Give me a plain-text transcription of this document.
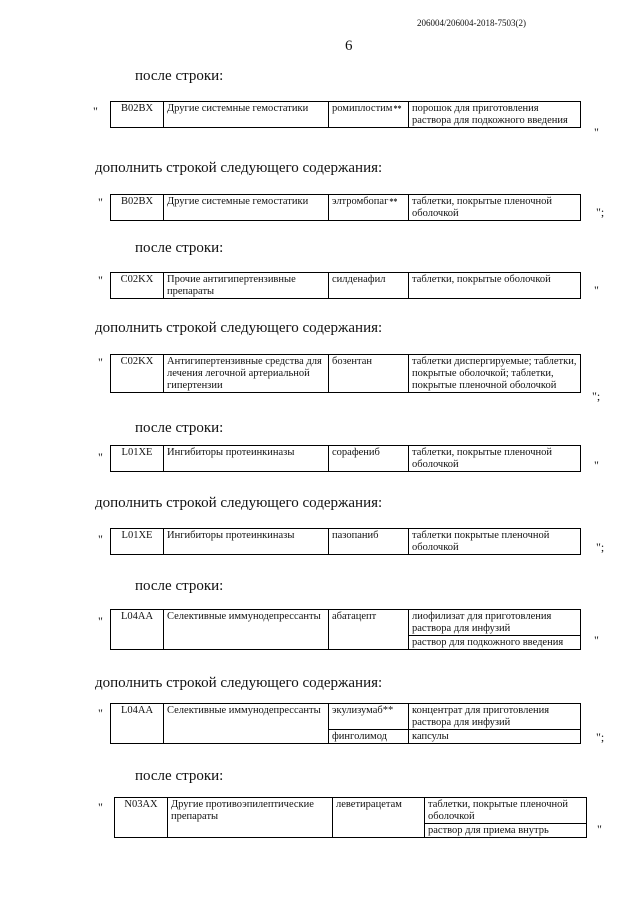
206004/206004-2018-7503(2)
6
после строки:
" B02BX	Другие системные гемостатики	ромиплостим**	порошок для приготовления раствора для подкожного введения
"
дополнить строкой следующего содержания:
" B02BX	Другие системные гемостатики	элтромбопаг**	таблетки, покрытые пленочной оболочкой	";
после строки:
" C02KX	Прочие антигипертензивные препараты	силденафил	таблетки, покрытые оболочкой
"
дополнить строкой следующего содержания:
" C02KX	Антигипертензивные средства для лечения легочной артериальной гипертензии	бозентан	таблетки диспергируемые; таблетки, покрытые оболочкой; таблетки, покрытые пленочной оболочкой
";
после строки:
" L01XE	Ингибиторы протеинкиназы	сорафениб	таблетки, покрытые пленочной оболочкой	"
дополнить строкой следующего содержания:
" L01XE	Ингибиторы протеинкиназы	пазопаниб	таблетки покрытые пленочной оболочкой	";
после строки:
" L04AA	Селективные иммунодепрессанты	абатацепт	лиофилизат для приготовления раствора для инфузий
раствор для подкожного введения	"
дополнить строкой следующего содержания:
" L04AA	Селективные иммунодепрессанты	экулизумаб**	концентрат для приготовления раствора для инфузий
		финголимод	капсулы	";
после строки:
" N03AX	Другие противоэпилептические препараты	леветирацетам	таблетки, покрытые пленочной оболочкой
раствор для приема внутрь	"
